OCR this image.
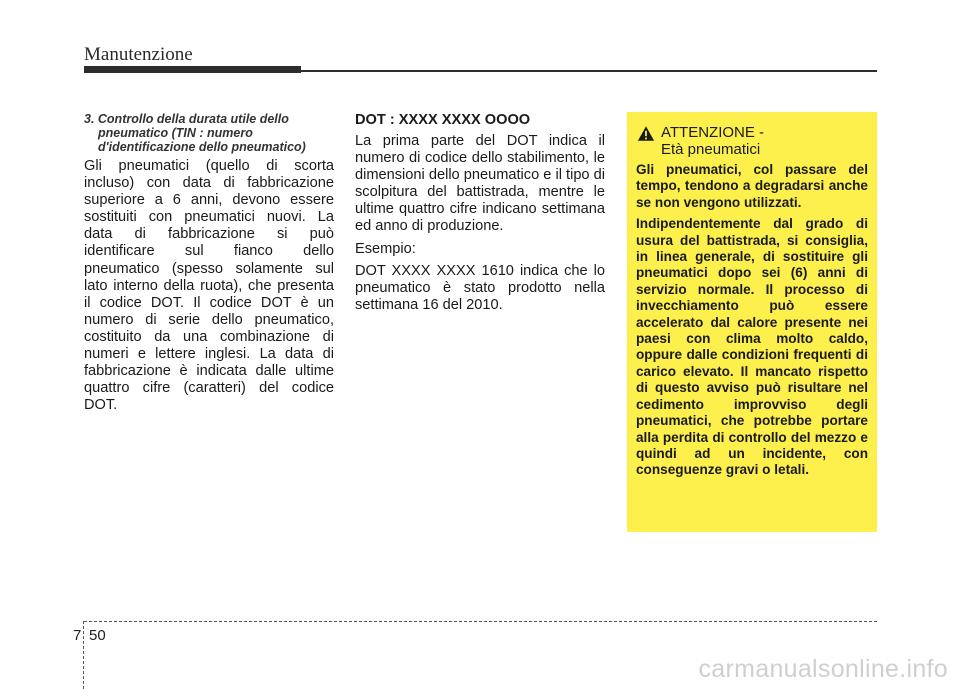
Manutenzione

3. Controllo della durata utile dello pneumatico (TIN : numero d'identificazione dello pneumatico)

Gli pneumatici (quello di scorta incluso) con data di fabbricazione superiore a 6 anni, devono essere sostituiti con pneumatici nuovi. La data di fabbricazione si può identificare sul fianco dello pneumatico (spesso solamente sul lato interno della ruota), che presenta il codice DOT. Il codice DOT è un numero di serie dello pneumatico, costituito da una combinazione di numeri e lettere inglesi. La data di fabbricazione è indicata dalle ultime quattro cifre (caratteri) del codice DOT.

DOT : XXXX XXXX OOOO

La prima parte del DOT indica il numero di codice dello stabilimento, le dimensioni dello pneumatico e il tipo di scolpitura del battistrada, mentre le ultime quattro cifre indicano settimana ed anno di produzione.

Esempio:

DOT XXXX XXXX 1610 indica che lo pneumatico è stato prodotto nella settimana 16 del 2010.

ATTENZIONE -
Età pneumatici

Gli pneumatici, col passare del tempo, tendono a degradarsi anche se non vengono utilizzati.

Indipendentemente dal grado di usura del battistrada, si consiglia, in linea generale, di sostituire gli pneumatici dopo sei (6) anni di servizio normale. Il processo di invecchiamento può essere accelerato dal calore presente nei paesi con clima molto caldo, oppure dalle condizioni frequenti di carico elevato. Il mancato rispetto di questo avviso può risultare nel cedimento improvviso degli pneumatici, che potrebbe portare alla perdita di controllo del mezzo e quindi ad un incidente, con conseguenze gravi o letali.

7 50
carmanualsonline.info
